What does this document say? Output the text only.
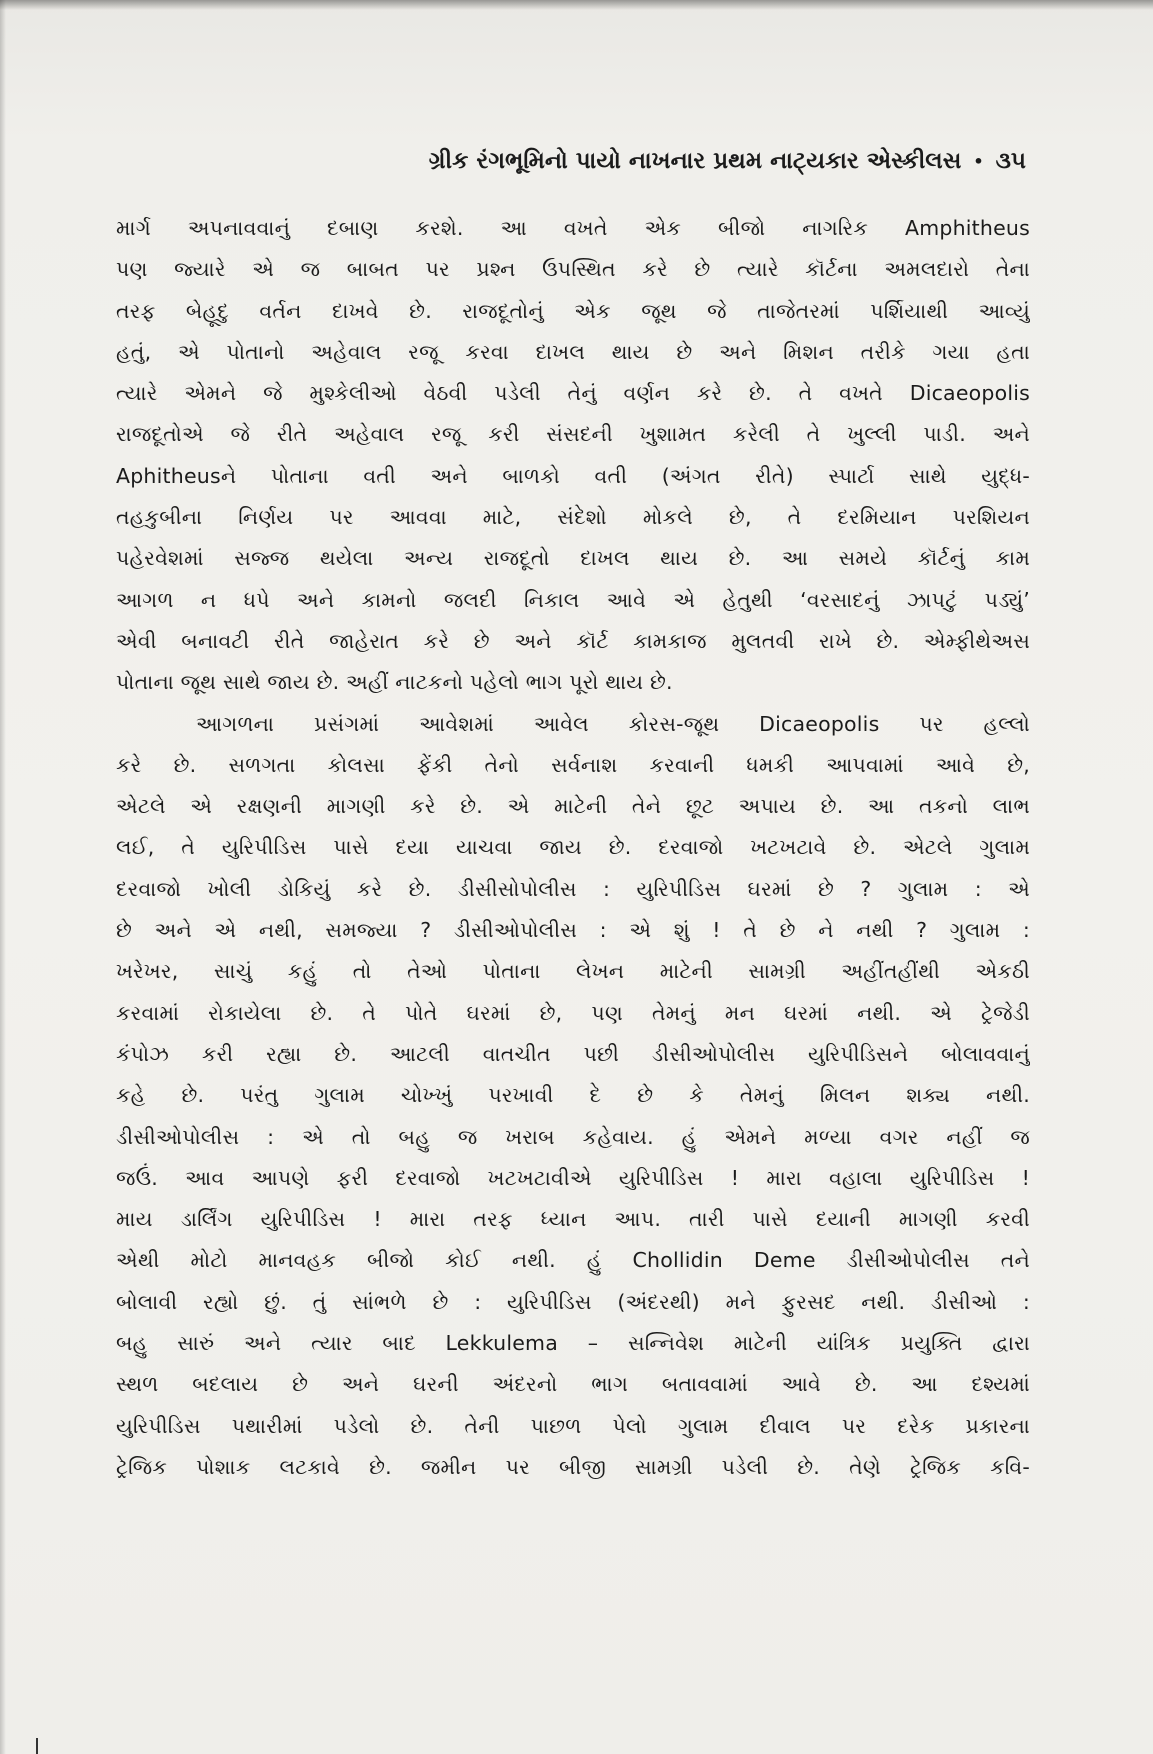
ગ્રીક રંગભૂમિનો પાયો નાખનાર પ્રથમ નાટ્યકાર એસ્કીલસ • ૩૫
માર્ગ અપનાવવાનું દબાણ કરશે. આ વખતે એક બીજો નાગરિક Amphitheus
પણ જ્યારે એ જ બાબત પર પ્રશ્ન ઉપસ્થિત કરે છે ત્યારે કૉર્ટના અમલદારો તેના
તરફ બેહૂદુ વર્તન દાખવે છે. રાજદૂતોનું એક જૂથ જે તાજેતરમાં પર્શિયાથી આવ્યું
હતું, એ પોતાનો અહેવાલ રજૂ કરવા દાખલ થાય છે અને મિશન તરીકે ગયા હતા
ત્યારે એમને જે મુશ્કેલીઓ વેઠવી પડેલી તેનું વર્ણન કરે છે. તે વખતે Dicaeopolis
રાજદૂતોએ જે રીતે અહેવાલ રજૂ કરી સંસદની ખુશામત કરેલી તે ખુલ્લી પાડી. અને
Aphitheusને પોતાના વતી અને બાળકો વતી (અંગત રીતે) સ્પાર્ટા સાથે યુદ્ધ-
તહકુબીના નિર્ણય પર આવવા માટે, સંદેશો મોકલે છે, તે દરમિયાન પરશિયન
પહેરવેશમાં સજ્જ થયેલા અન્ય રાજદૂતો દાખલ થાય છે. આ સમયે કૉર્ટનું કામ
આગળ ન ધપે અને કામનો જલદી નિકાલ આવે એ હેતુથી ‘વરસાદનું ઝાપટું પડ્યું’
એવી બનાવટી રીતે જાહેરાત કરે છે અને કૉર્ટ કામકાજ મુલતવી રાખે છે. એમ્ફીથેઅસ
પોતાના જૂથ સાથે જાય છે. અહીં નાટકનો પહેલો ભાગ પૂરો થાય છે.
આગળના પ્રસંગમાં આવેશમાં આવેલ કોરસ-જૂથ Dicaeopolis પર હલ્લો
કરે છે. સળગતા કોલસા ફેંકી તેનો સર્વનાશ કરવાની ધમકી આપવામાં આવે છે,
એટલે એ રક્ષણની માગણી કરે છે. એ માટેની તેને છૂટ અપાય છે. આ તકનો લાભ
લઈ, તે યુરિપીડિસ પાસે દયા યાચવા જાય છે. દરવાજો ખટખટાવે છે. એટલે ગુલામ
દરવાજો ખોલી ડોકિયું કરે છે. ડીસીસોપોલીસ : યુરિપીડિસ ઘરમાં છે ? ગુલામ : એ
છે અને એ નથી, સમજ્યા ? ડીસીઓપોલીસ : એ શું ! તે છે ને નથી ? ગુલામ :
ખરેખર, સાચું કહું તો તેઓ પોતાના લેખન માટેની સામગ્રી અહીંતહીંથી એકઠી
કરવામાં રોકાયેલા છે. તે પોતે ઘરમાં છે, પણ તેમનું મન ઘરમાં નથી. એ ટ્રેજેડી
કંપોઝ કરી રહ્યા છે. આટલી વાતચીત પછી ડીસીઓપોલીસ યુરિપીડિસને બોલાવવાનું
કહે છે. પરંતુ ગુલામ ચોખ્ખું પરખાવી દે છે કે તેમનું મિલન શક્ય નથી.
ડીસીઓપોલીસ : એ તો બહુ જ ખરાબ કહેવાય. હું એમને મળ્યા વગર નહીં જ
જઉં. આવ આપણે ફરી દરવાજો ખટખટાવીએ યુરિપીડિસ ! મારા વહાલા યુરિપીડિસ !
માય ડાર્લિંગ યુરિપીડિસ ! મારા તરફ ધ્યાન આપ. તારી પાસે દયાની માગણી કરવી
એથી મોટો માનવહક બીજો કોઈ નથી. હું Chollidin Deme ડીસીઓપોલીસ તને
બોલાવી રહ્યો છું. તું સાંભળે છે : યુરિપીડિસ (અંદરથી) મને ફુરસદ નથી. ડીસીઓ :
બહુ સારું અને ત્યાર બાદ Lekkulema – સન્નિવેશ માટેની યાંત્રિક પ્રયુક્તિ દ્વારા
સ્થળ બદલાય છે અને ઘરની અંદરનો ભાગ બતાવવામાં આવે છે. આ દશ્યમાં
યુરિપીડિસ પથારીમાં પડેલો છે. તેની પાછળ પેલો ગુલામ દીવાલ પર દરેક પ્રકારના
ટ્રેજિક પોશાક લટકાવે છે. જમીન પર બીજી સામગ્રી પડેલી છે. તેણે ટ્રેજિક કવિ-
